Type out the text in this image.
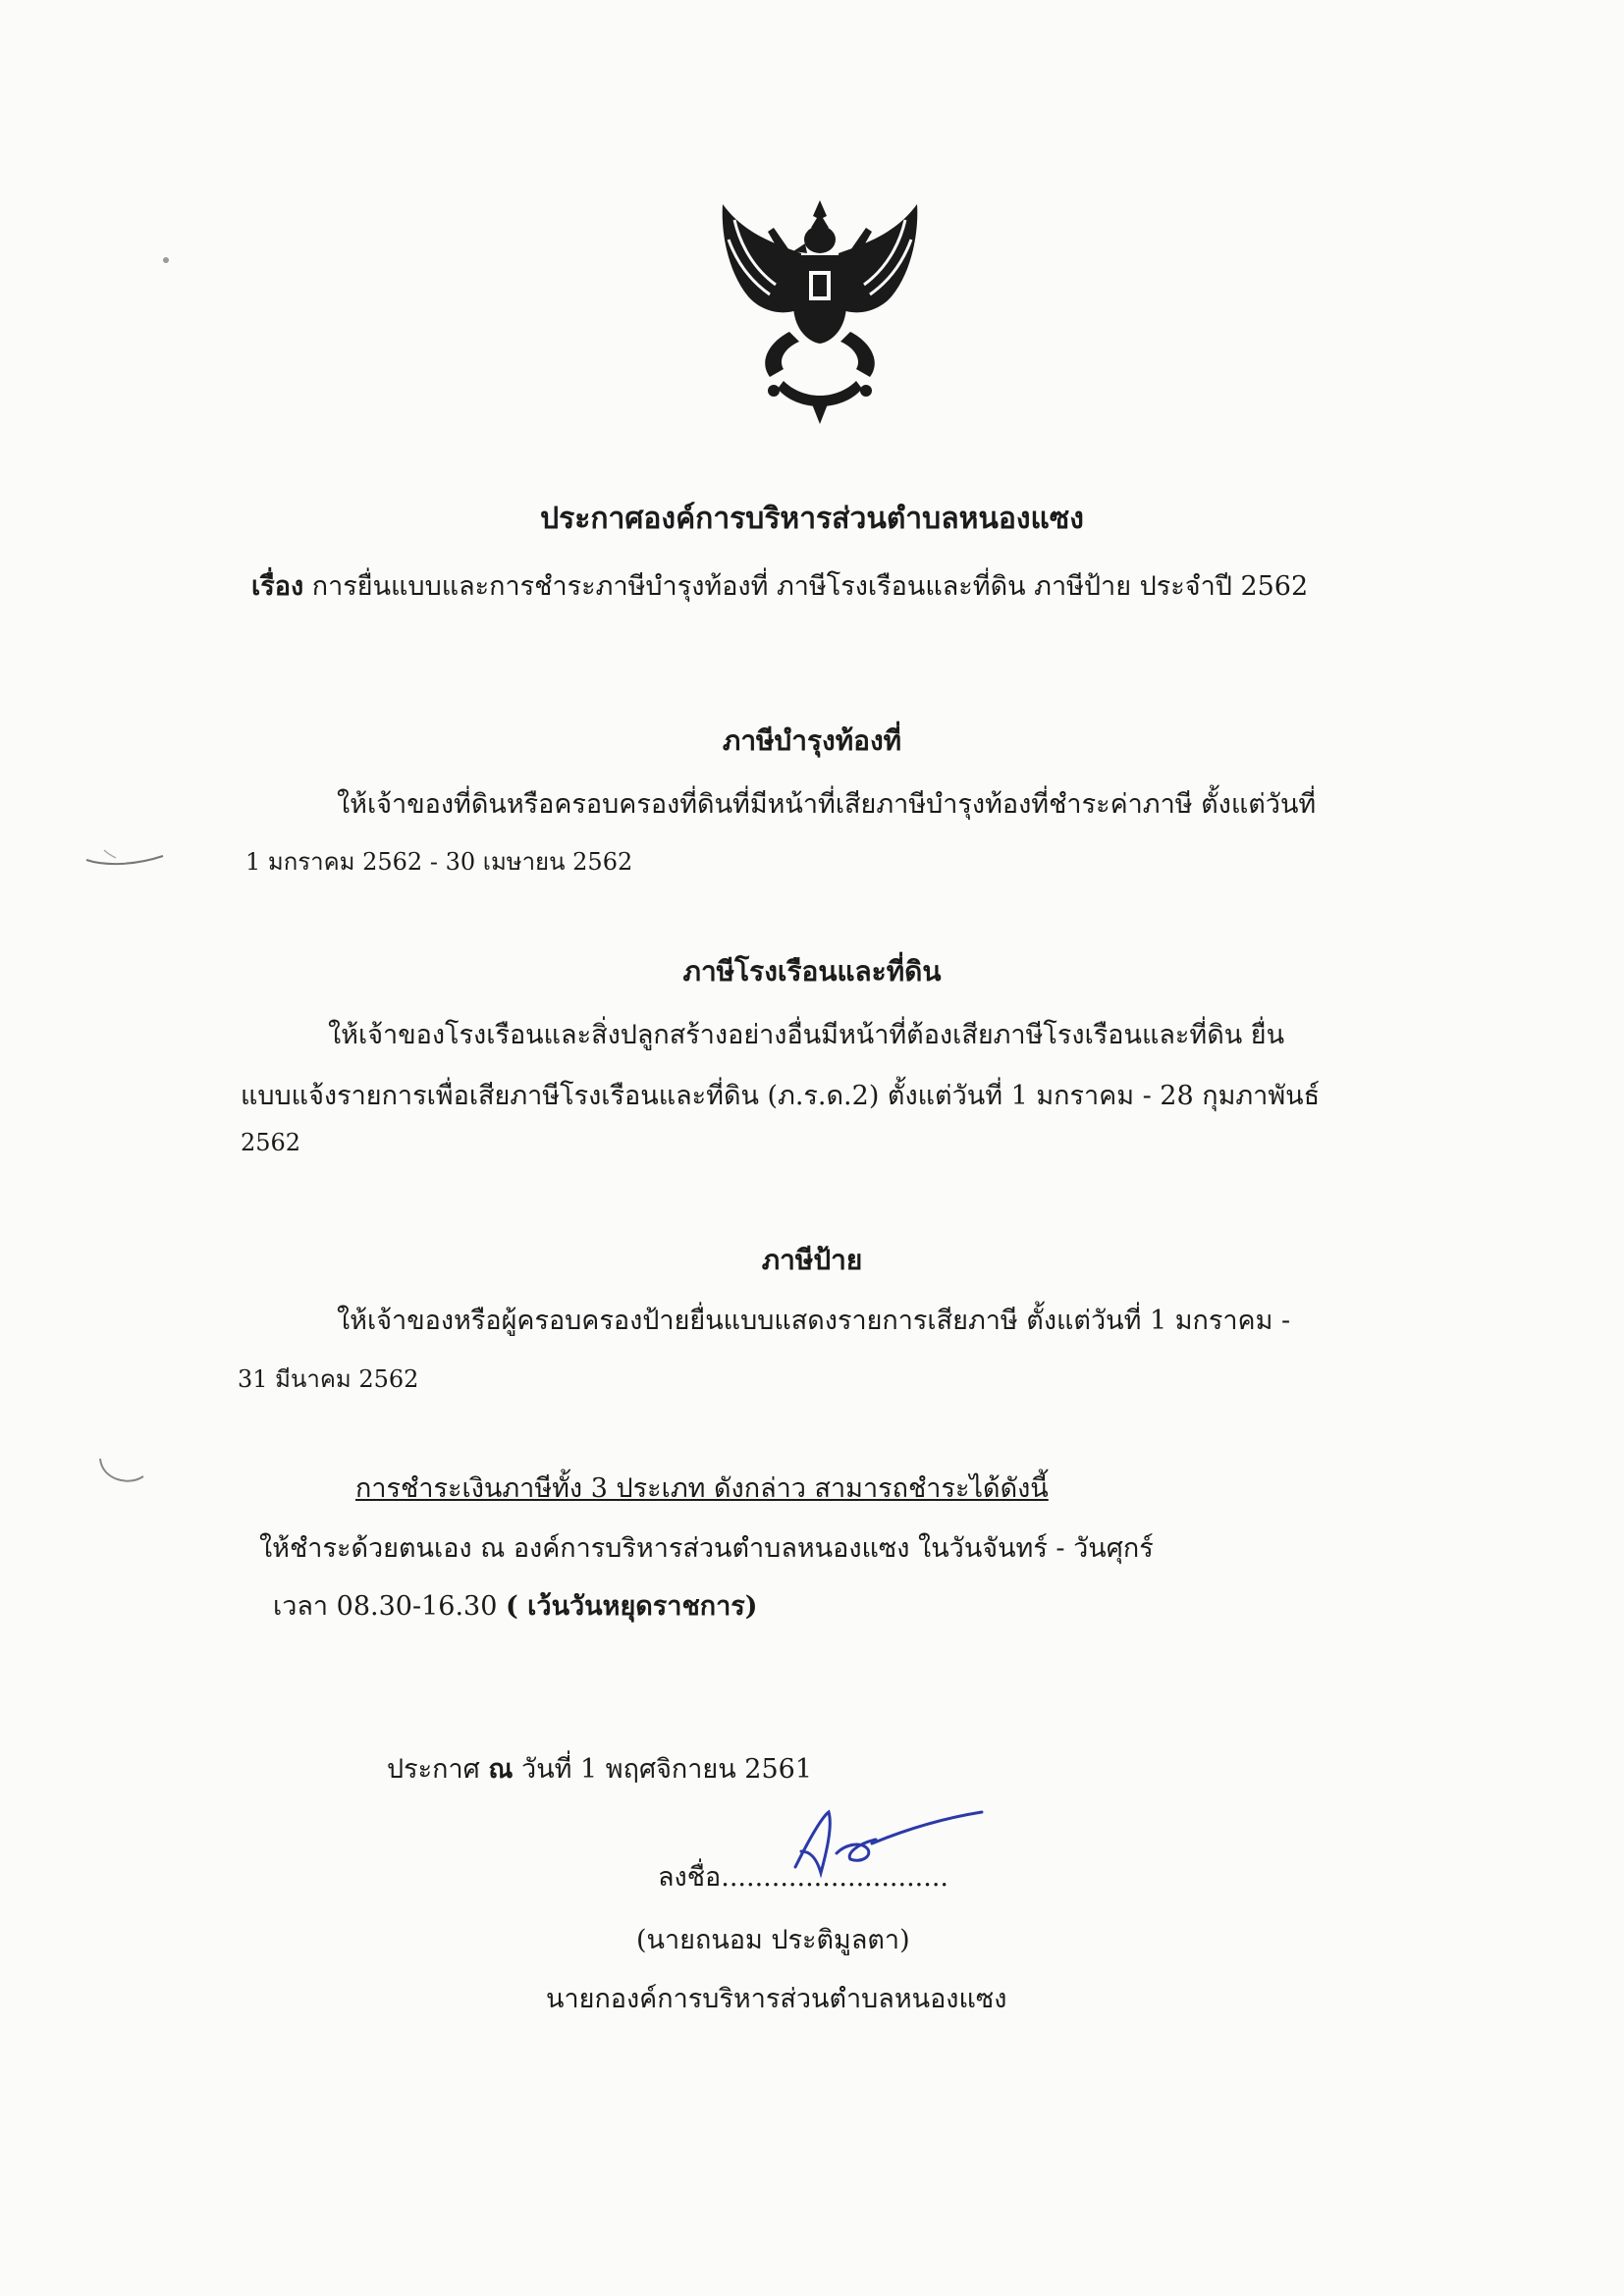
ประกาศองค์การบริหารส่วนตำบลหนองแซง
เรื่อง การยื่นแบบและการชำระภาษีบำรุงท้องที่ ภาษีโรงเรือนและที่ดิน ภาษีป้าย ประจำปี 2562
ภาษีบำรุงท้องที่
ให้เจ้าของที่ดินหรือครอบครองที่ดินที่มีหน้าที่เสียภาษีบำรุงท้องที่ชำระค่าภาษี ตั้งแต่วันที่
1 มกราคม 2562 - 30 เมษายน 2562
ภาษีโรงเรือนและที่ดิน
ให้เจ้าของโรงเรือนและสิ่งปลูกสร้างอย่างอื่นมีหน้าที่ต้องเสียภาษีโรงเรือนและที่ดิน ยื่น
แบบแจ้งรายการเพื่อเสียภาษีโรงเรือนและที่ดิน (ภ.ร.ด.2) ตั้งแต่วันที่ 1 มกราคม - 28 กุมภาพันธ์
2562
ภาษีป้าย
ให้เจ้าของหรือผู้ครอบครองป้ายยื่นแบบแสดงรายการเสียภาษี ตั้งแต่วันที่ 1 มกราคม -
31 มีนาคม 2562
การชำระเงินภาษีทั้ง 3 ประเภท ดังกล่าว สามารถชำระได้ดังนี้
ให้ชำระด้วยตนเอง ณ องค์การบริหารส่วนตำบลหนองแซง ในวันจันทร์ - วันศุกร์
เวลา 08.30-16.30 ( เว้นวันหยุดราชการ)
ประกาศ ณ วันที่ 1 พฤศจิกายน 2561
ลงชื่อ...........................
(นายถนอม ประติมูลตา)
นายกองค์การบริหารส่วนตำบลหนองแซง
